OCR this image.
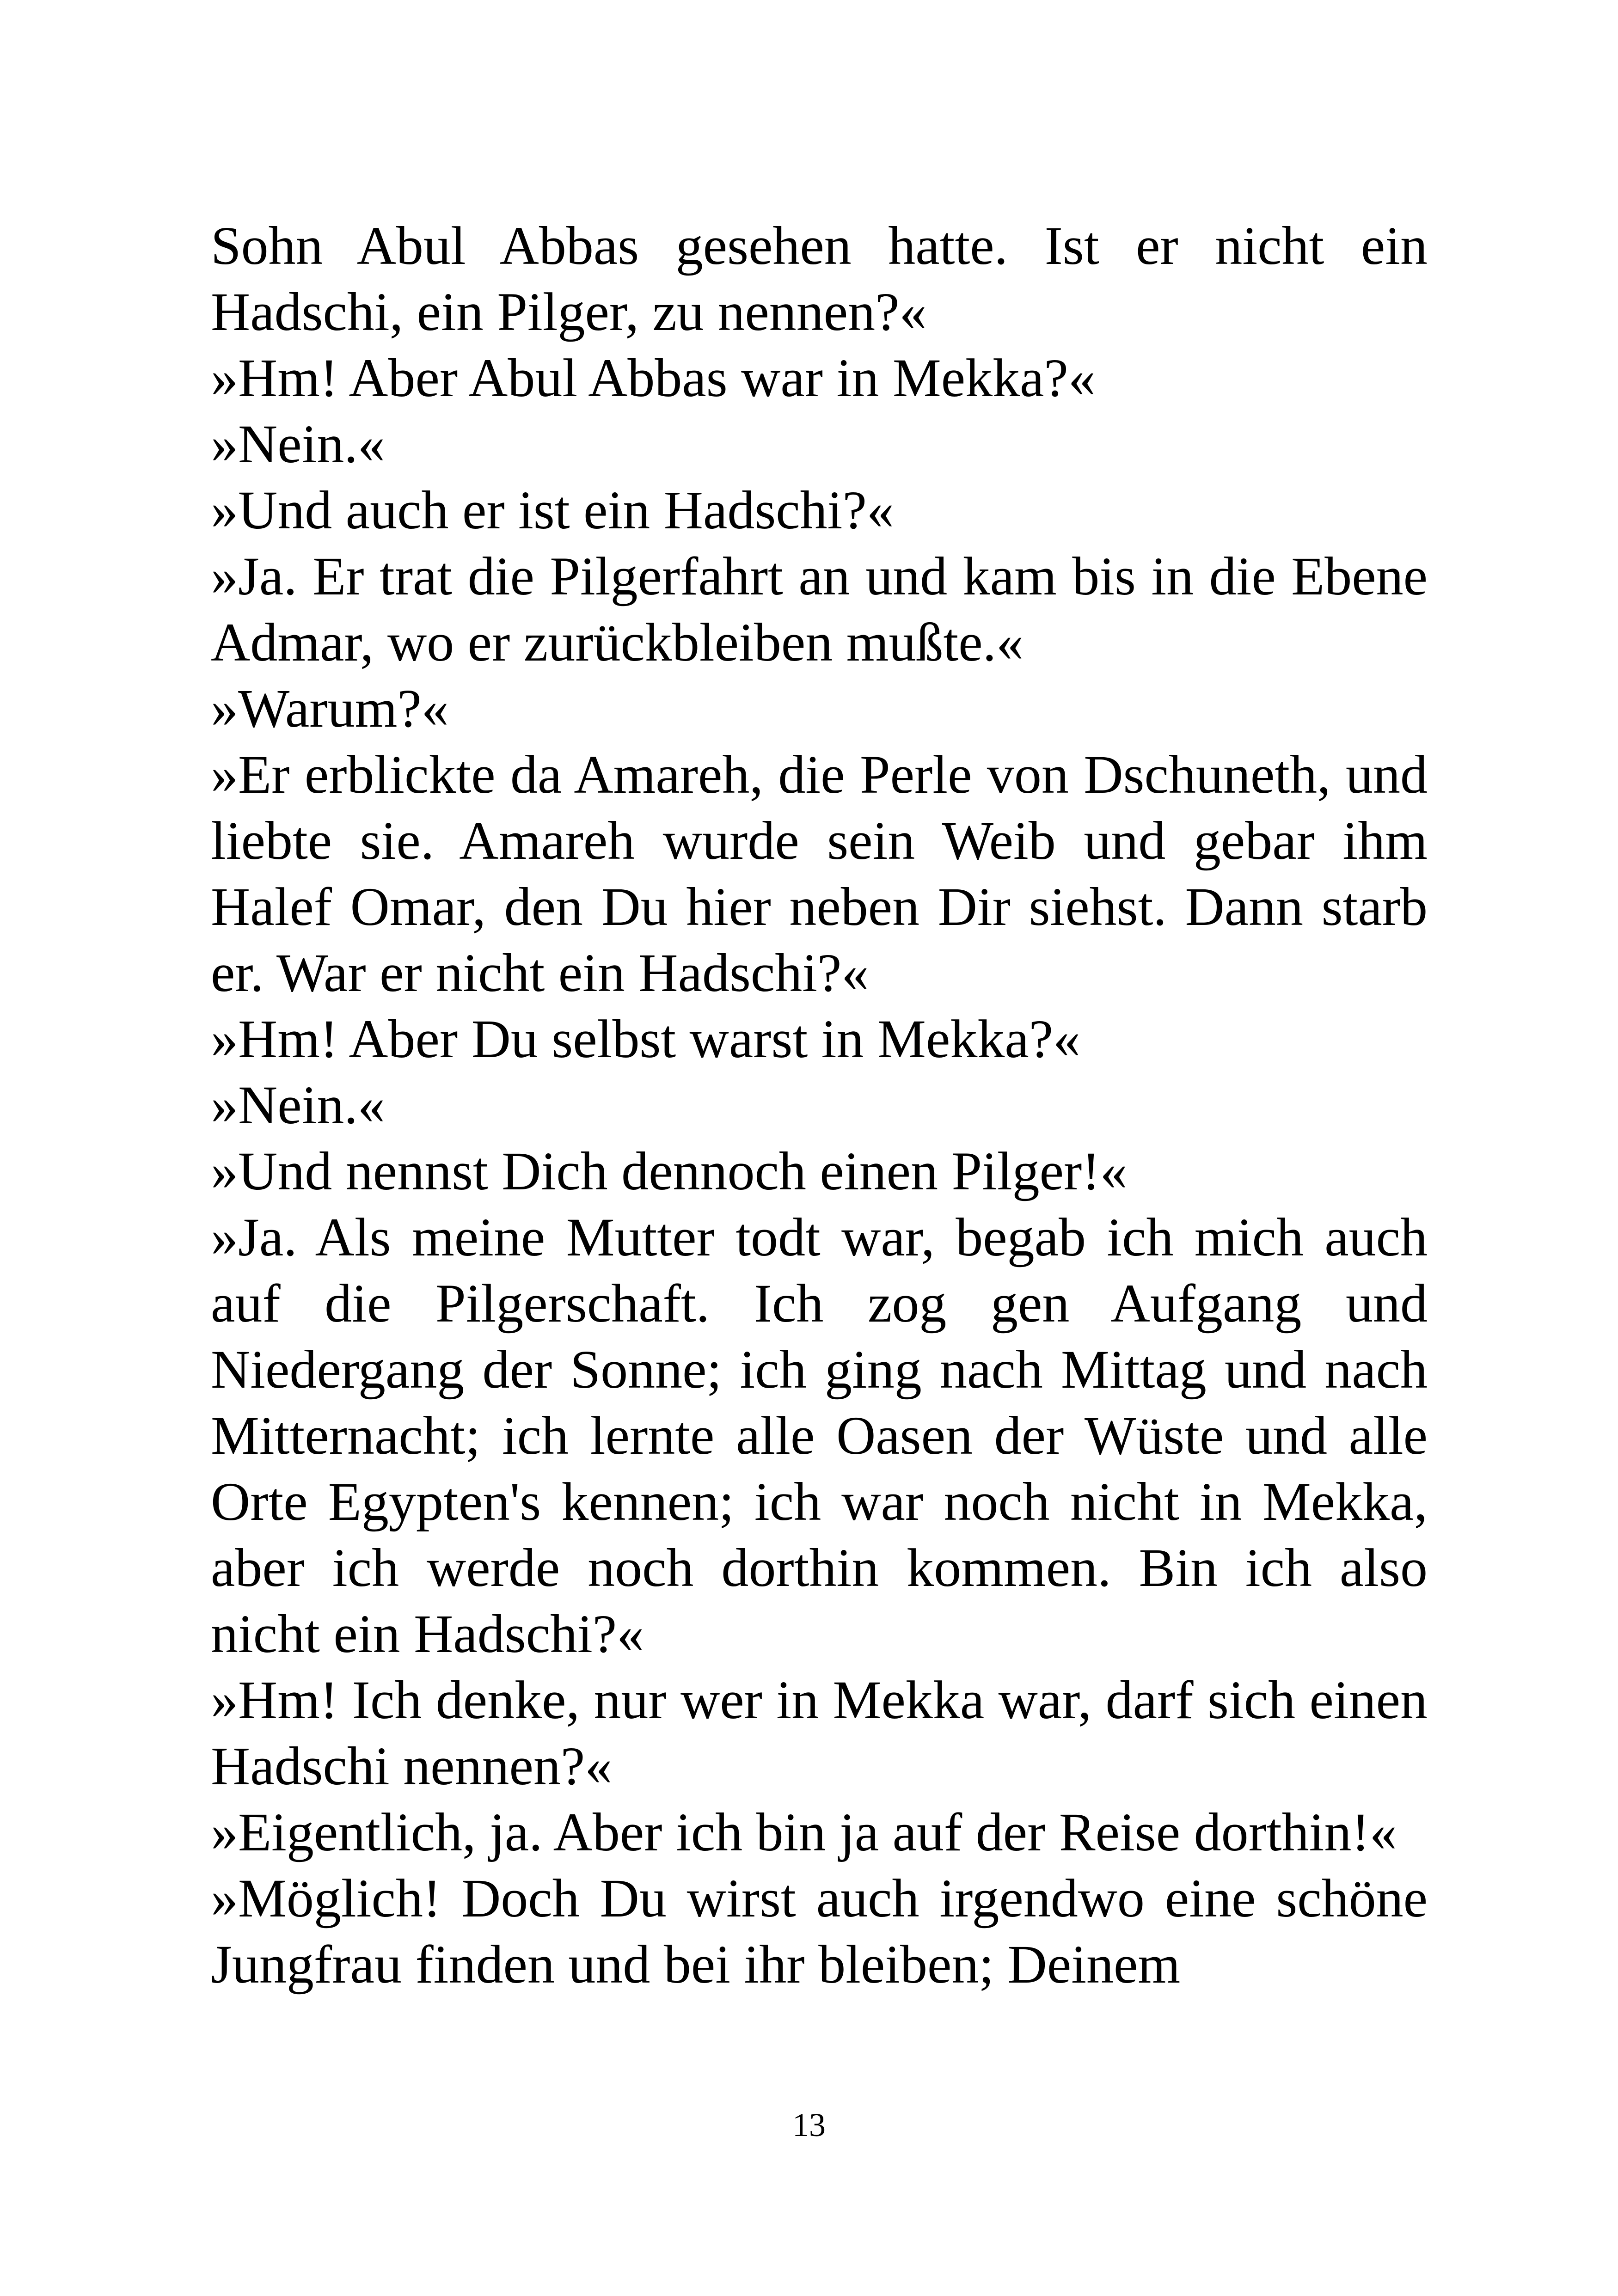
Sohn Abul Abbas gesehen hatte. Ist er nicht ein Hadschi, ein Pilger, zu nennen?«

»Hm! Aber Abul Abbas war in Mekka?«

»Nein.«

»Und auch er ist ein Hadschi?«

»Ja. Er trat die Pilgerfahrt an und kam bis in die Ebene Admar, wo er zurückbleiben mußte.«

»Warum?«

»Er erblickte da Amareh, die Perle von Dschuneth, und liebte sie. Amareh wurde sein Weib und gebar ihm Halef Omar, den Du hier neben Dir siehst. Dann starb er. War er nicht ein Hadschi?«

»Hm! Aber Du selbst warst in Mekka?«

»Nein.«

»Und nennst Dich dennoch einen Pilger!«

»Ja. Als meine Mutter todt war, begab ich mich auch auf die Pilgerschaft. Ich zog gen Aufgang und Niedergang der Sonne; ich ging nach Mittag und nach Mitternacht; ich lernte alle Oasen der Wüste und alle Orte Egypten's kennen; ich war noch nicht in Mekka, aber ich werde noch dorthin kommen. Bin ich also nicht ein Hadschi?«

»Hm! Ich denke, nur wer in Mekka war, darf sich einen Hadschi nennen?«

»Eigentlich, ja. Aber ich bin ja auf der Reise dorthin!«

»Möglich! Doch Du wirst auch irgendwo eine schöne Jungfrau finden und bei ihr bleiben; Deinem

13
